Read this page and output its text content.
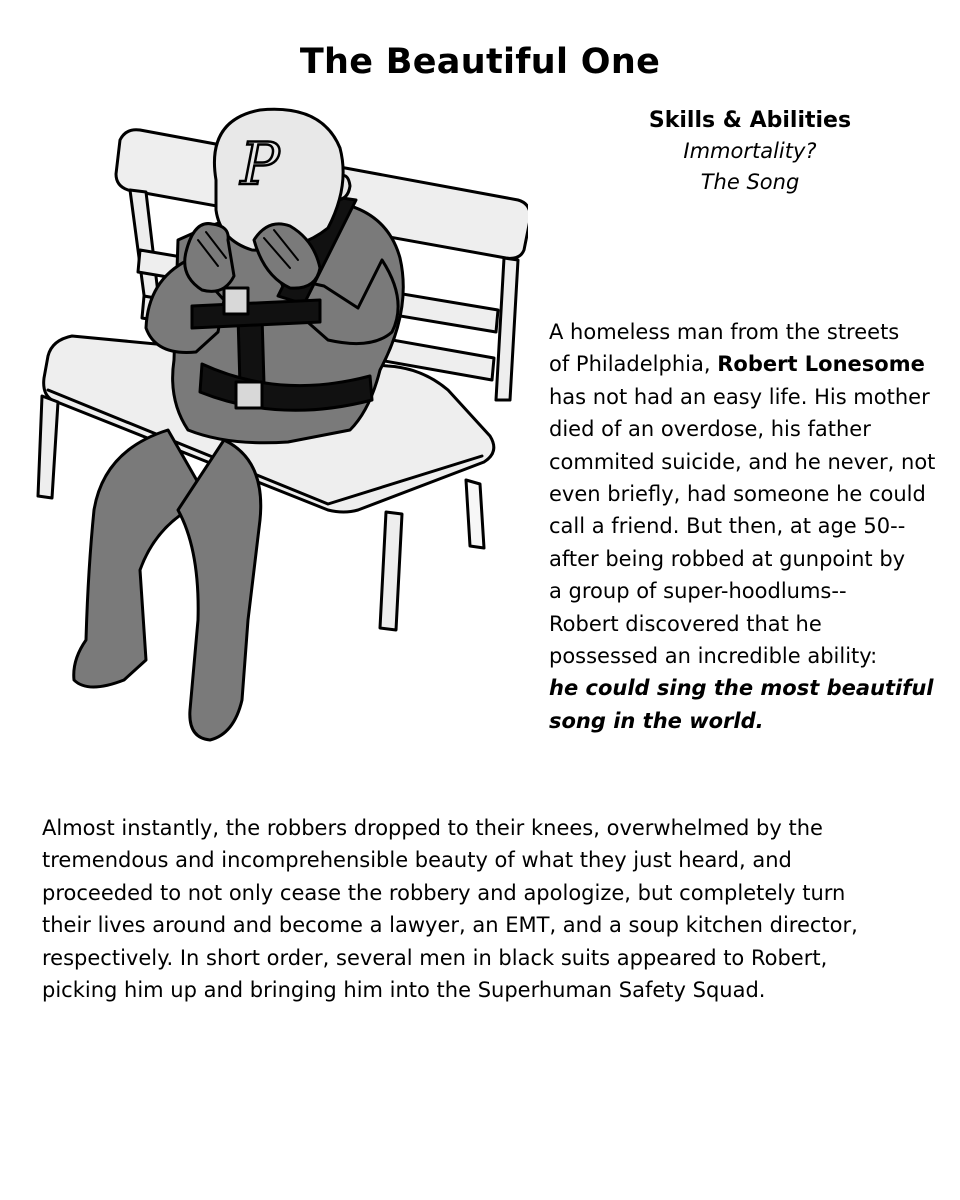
The Beautiful One

Skills & Abilities

Immortality?
The Song
P

A homeless man from the streets
of Philadelphia, Robert Lonesome
has not had an easy life. His mother
died of an overdose, his father
commited suicide, and he never, not
even briefly, had someone he could
call a friend. But then, at age 50--
after being robbed at gunpoint by
a group of super-hoodlums--
Robert discovered that he
possessed an incredible ability:
he could sing the most beautiful
song in the world.

Almost instantly, the robbers dropped to their knees, overwhelmed by the
tremendous and incomprehensible beauty of what they just heard, and
proceeded to not only cease the robbery and apologize, but completely turn
their lives around and become a lawyer, an EMT, and a soup kitchen director,
respectively. In short order, several men in black suits appeared to Robert,
picking him up and bringing him into the Superhuman Safety Squad.
